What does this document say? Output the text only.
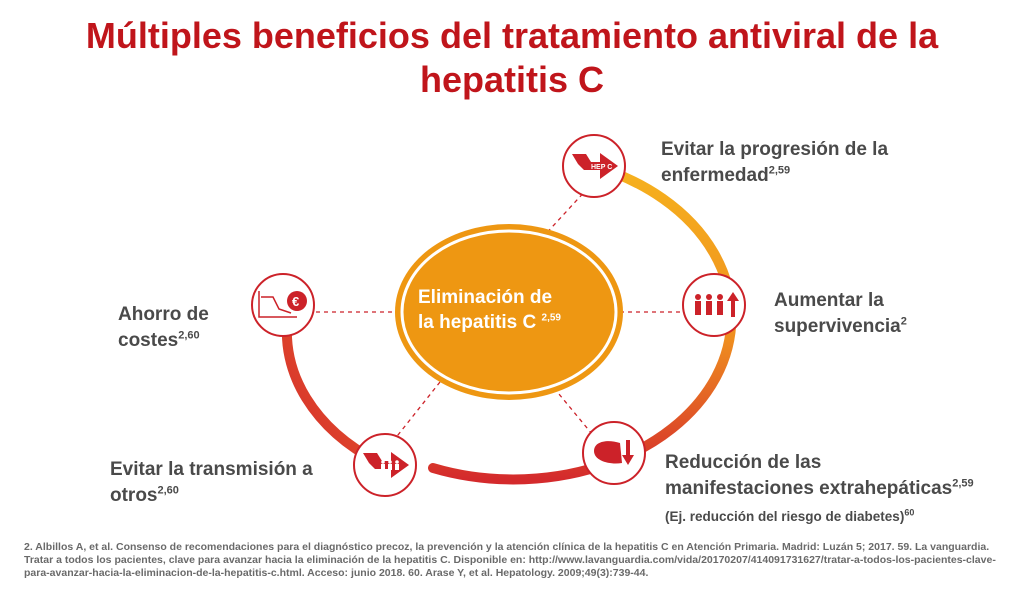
Múltiples beneficios del tratamiento antiviral de la hepatitis C
HEP C
€	Eliminación de
la hepatitis C $^{2,59}$
Evitar la progresión de la
enfermedad$^{2,59}$
Aumentar la
supervivencia$^2$
Reducción de las
manifestaciones extrahepáticas$^{2,59}$
(Ej. reducción del riesgo de diabetes)$^{60}$
Evitar la transmisión a
otros$^{2,60}$
Ahorro de
costes$^{2,60}$
2. Albillos A, et al. Consenso de recomendaciones para el diagnóstico precoz, la prevención y la atención clínica de la hepatitis C en Atención Primaria. Madrid: Luzán 5; 2017. 59. La vanguardia. Tratar a todos los pacientes, clave para avanzar hacia la eliminación de la hepatitis C. Disponible en: http://www.lavanguardia.com/vida/20170207/414091731627/tratar-a-todos-los-pacientes-clave-para-avanzar-hacia-la-eliminacion-de-la-hepatitis-c.html. Acceso: junio 2018. 60. Arase Y, et al. Hepatology. 2009;49(3):739-44.
